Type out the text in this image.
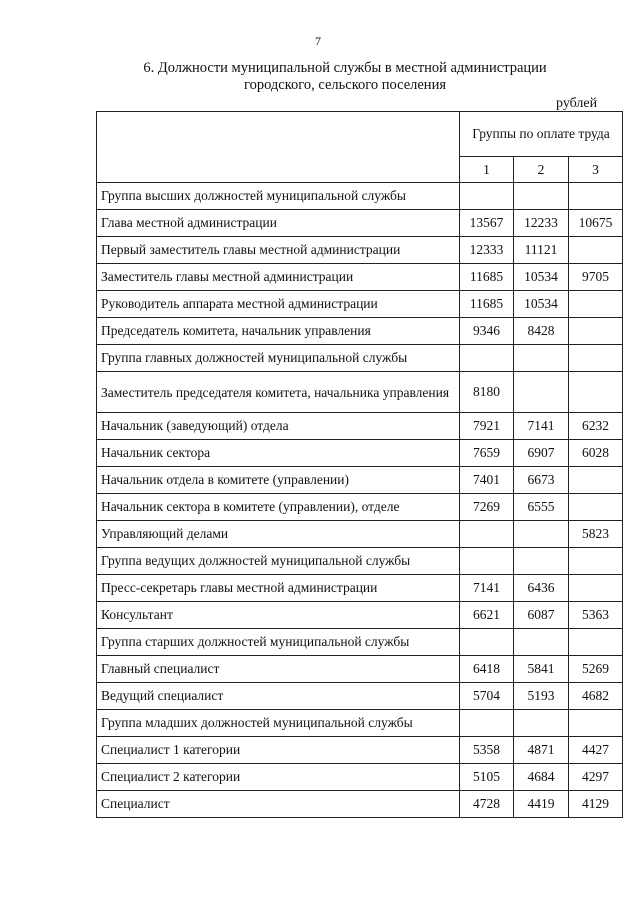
7
6. Должности муниципальной службы в местной администрации
городского, сельского поселения
рублей
	Группы по оплате труда		
	1	2	3
Группа высших должностей муниципальной службы			
Глава местной администрации	13567	12233	10675
Первый заместитель главы местной администрации	12333	11121	
Заместитель главы местной администрации	11685	10534	9705
Руководитель аппарата местной администрации	11685	10534	
Председатель комитета, начальник управления	9346	8428	
Группа главных должностей муниципальной службы			
Заместитель председателя комитета, начальника управления	8180		
Начальник (заведующий) отдела	7921	7141	6232
Начальник сектора	7659	6907	6028
Начальник отдела в комитете (управлении)	7401	6673	
Начальник сектора в комитете (управлении), отделе	7269	6555	
Управляющий делами			5823
Группа ведущих должностей муниципальной службы			
Пресс-секретарь главы местной администрации	7141	6436	
Консультант	6621	6087	5363
Группа старших должностей муниципальной службы			
Главный специалист	6418	5841	5269
Ведущий специалист	5704	5193	4682
Группа младших должностей муниципальной службы			
Специалист 1 категории	5358	4871	4427
Специалист 2 категории	5105	4684	4297
Специалист	4728	4419	4129
